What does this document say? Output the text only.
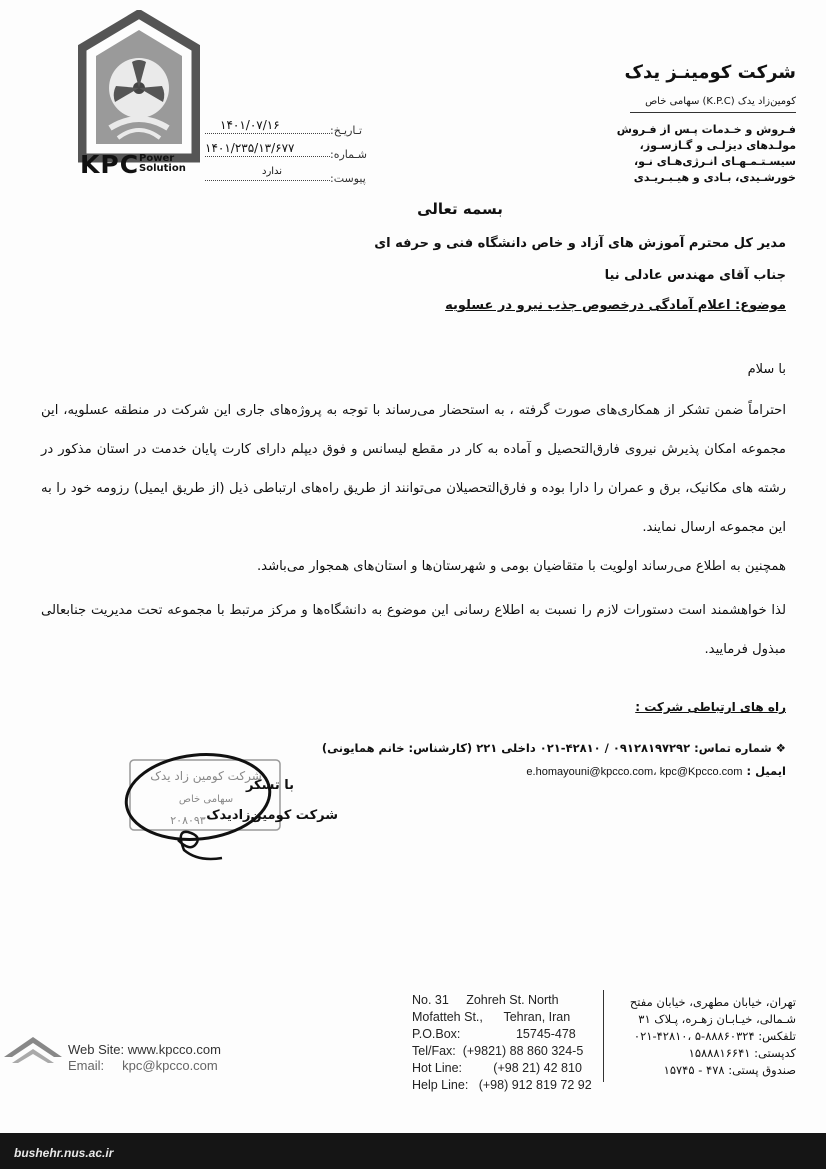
KPC Power
Solution
شرکت کومینـز یدک
کومین‌زاد یدک (K.P.C) سهامی خاص
فـروش و خـدمات پـس از فـروش
مولـدهای دیزلـی و گـازسـوز،
سیسـتـمـهـای انـرژی‌هـای نـو،
خورشـیدی، بـادی و هیـبـریـدی
تـاریـخ:
۱۴۰۱/۰۷/۱۶
شـماره:
۱۴۰۱/۲۳۵/۱۳/۶۷۷
پیوست:
ندارد
بسمه تعالی
مدیر کل محترم آموزش های آزاد و خاص دانشگاه فنی و حرفه ای
جناب آقای مهندس عادلی نیا
موضوع: اعلام آمادگی درخصوص جذب نیرو در عسلویه
با سلام
احتراماً ضمن تشکر از همکاری‌های صورت گرفته ، به استحضار می‌رساند با توجه به پروژه‌های جاری این شرکت در منطقه عسلویه، این مجموعه امکان پذیرش نیروی فارق‌التحصیل و آماده به کار در مقطع لیسانس و فوق دیپلم دارای کارت پایان خدمت در استان مذکور در رشته های مکانیک، برق و عمران را دارا بوده و فارق‌التحصیلان می‌توانند از طریق راه‌های ارتباطی ذیل (از طریق ایمیل) رزومه خود را به این مجموعه ارسال نمایند.
همچنین به اطلاع می‌رساند اولویت با متقاضیان بومی و شهرستان‌ها و استان‌های همجوار می‌باشد.
لذا خواهشمند است دستورات لازم را نسبت به اطلاع رسانی این موضوع به دانشگاه‌ها و مرکز مرتبط با مجموعه تحت مدیریت جنابعالی مبذول فرمایید.
راه های ارتباطی شرکت :
❖ شماره تماس: ۰۹۱۲۸۱۹۷۲۹۲ / ۴۲۸۱۰-۰۲۱ داخلی ۲۲۱ (کارشناس: خانم همایونی)
ایمیل : e.homayouni@kpcco.com، kpc@Kpcco.com
شرکت کومین زاد یدک
سهامی خاص
۲۰۸۰۹۳
با تشکر
شرکت کومین‌زادیدک
No. 31     Zohreh St. North
Mofatteh St.,      Tehran, Iran
P.O.Box:                15745-478
Tel/Fax:  (+9821) 88 860 324-5
Hot Line:         (+98 21) 42 810
Help Line:   (+98) 912 819 72 92
تهران، خیابان مطهری، خیابان مفتح
شـمالی، خیـابـان زهـره، پـلاک ۳۱
تلفکس: ۸۸۸۶۰۳۲۴-۵ ،۴۲۸۱۰-۰۲۱
کدپستی: ۱۵۸۸۸۱۶۶۴۱
صندوق پستی: ۴۷۸ - ۱۵۷۴۵
Web Site: www.kpcco.com
Email:     kpc@kpcco.com
bushehr.nus.ac.ir
